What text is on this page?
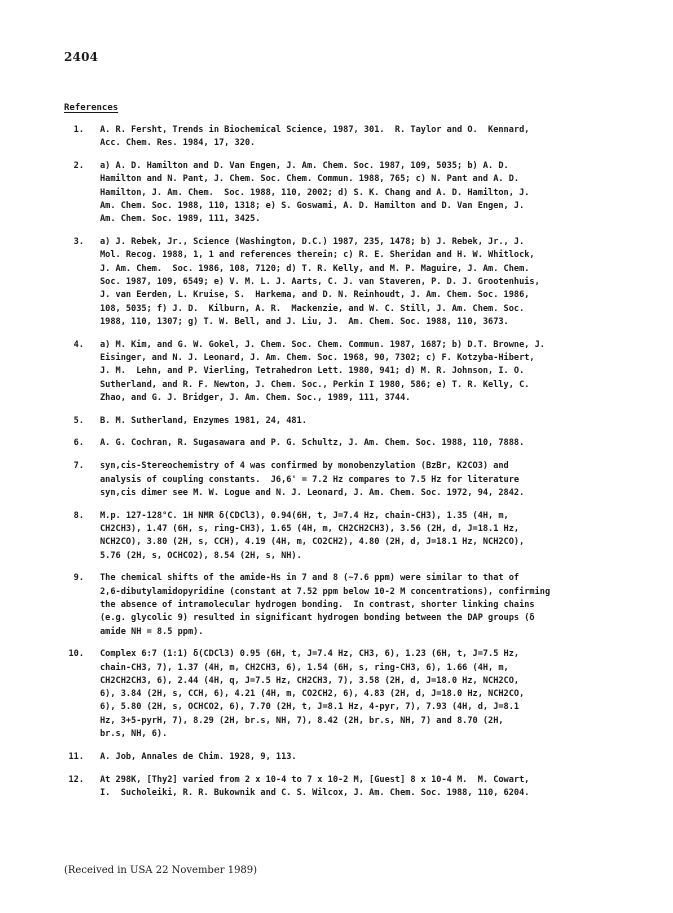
2404
References
1. A. R. Fersht, Trends in Biochemical Science, 1987, 301.  R. Taylor and O.  Kennard,
Acc. Chem. Res. 1984, 17, 320.
2. a) A. D. Hamilton and D. Van Engen, J. Am. Chem. Soc. 1987, 109, 5035; b) A. D.
Hamilton and N. Pant, J. Chem. Soc. Chem. Commun. 1988, 765; c) N. Pant and A. D.
Hamilton, J. Am. Chem.  Soc. 1988, 110, 2002; d) S. K. Chang and A. D. Hamilton, J.
Am. Chem. Soc. 1988, 110, 1318; e) S. Goswami, A. D. Hamilton and D. Van Engen, J.
Am. Chem. Soc. 1989, 111, 3425.
3. a) J. Rebek, Jr., Science (Washington, D.C.) 1987, 235, 1478; b) J. Rebek, Jr., J.
Mol. Recog. 1988, 1, 1 and references therein; c) R. E. Sheridan and H. W. Whitlock,
J. Am. Chem.  Soc. 1986, 108, 7120; d) T. R. Kelly, and M. P. Maguire, J. Am. Chem.
Soc. 1987, 109, 6549; e) V. M. L. J. Aarts, C. J. van Staveren, P. D. J. Grootenhuis,
J. van Eerden, L. Kruise, S.  Harkema, and D. N. Reinhoudt, J. Am. Chem. Soc. 1986,
108, 5035; f) J. D.  Kilburn, A. R.  Mackenzie, and W. C. Still, J. Am. Chem. Soc.
1988, 110, 1307; g) T. W. Bell, and J. Liu, J.  Am. Chem. Soc. 1988, 110, 3673.
4. a) M. Kim, and G. W. Gokel, J. Chem. Soc. Chem. Commun. 1987, 1687; b) D.T. Browne, J.
Eisinger, and N. J. Leonard, J. Am. Chem. Soc. 1968, 90, 7302; c) F. Kotzyba-Hibert,
J. M.  Lehn, and P. Vierling, Tetrahedron Lett. 1980, 941; d) M. R. Johnson, I. O.
Sutherland, and R. F. Newton, J. Chem. Soc., Perkin I 1980, 586; e) T. R. Kelly, C.
Zhao, and G. J. Bridger, J. Am. Chem. Soc., 1989, 111, 3744.
5. B. M. Sutherland, Enzymes 1981, 24, 481.
6. A. G. Cochran, R. Sugasawara and P. G. Schultz, J. Am. Chem. Soc. 1988, 110, 7888.
7. syn,cis-Stereochemistry of 4 was confirmed by monobenzylation (BzBr, K2CO3) and
analysis of coupling constants.  J6,6' = 7.2 Hz compares to 7.5 Hz for literature
syn,cis dimer see M. W. Logue and N. J. Leonard, J. Am. Chem. Soc. 1972, 94, 2842.
8. M.p. 127-128°C. 1H NMR δ(CDCl3), 0.94(6H, t, J=7.4 Hz, chain-CH3), 1.35 (4H, m,
CH2CH3), 1.47 (6H, s, ring-CH3), 1.65 (4H, m, CH2CH2CH3), 3.56 (2H, d, J=18.1 Hz,
NCH2CO), 3.80 (2H, s, CCH), 4.19 (4H, m, CO2CH2), 4.80 (2H, d, J=18.1 Hz, NCH2CO),
5.76 (2H, s, OCHCO2), 8.54 (2H, s, NH).
9. The chemical shifts of the amide-Hs in 7 and 8 (~7.6 ppm) were similar to that of
2,6-dibutylamidopyridine (constant at 7.52 ppm below 10-2 M concentrations), confirming
the absence of intramolecular hydrogen bonding.  In contrast, shorter linking chains
(e.g. glycolic 9) resulted in significant hydrogen bonding between the DAP groups (δ
amide NH = 8.5 ppm).
10. Complex 6:7 (1:1) δ(CDCl3) 0.95 (6H, t, J=7.4 Hz, CH3, 6), 1.23 (6H, t, J=7.5 Hz,
chain-CH3, 7), 1.37 (4H, m, CH2CH3, 6), 1.54 (6H, s, ring-CH3, 6), 1.66 (4H, m,
CH2CH2CH3, 6), 2.44 (4H, q, J=7.5 Hz, CH2CH3, 7), 3.58 (2H, d, J=18.0 Hz, NCH2CO,
6), 3.84 (2H, s, CCH, 6), 4.21 (4H, m, CO2CH2, 6), 4.83 (2H, d, J=18.0 Hz, NCH2CO,
6), 5.80 (2H, s, OCHCO2, 6), 7.70 (2H, t, J=8.1 Hz, 4-pyr, 7), 7.93 (4H, d, J=8.1
Hz, 3+5-pyrH, 7), 8.29 (2H, br.s, NH, 7), 8.42 (2H, br.s, NH, 7) and 8.70 (2H,
br.s, NH, 6).
11. A. Job, Annales de Chim. 1928, 9, 113.
12. At 298K, [Thy2] varied from 2 x 10-4 to 7 x 10-2 M, [Guest] 8 x 10-4 M.  M. Cowart,
I.  Sucholeiki, R. R. Bukownik and C. S. Wilcox, J. Am. Chem. Soc. 1988, 110, 6204.
(Received in USA 22 November 1989)
